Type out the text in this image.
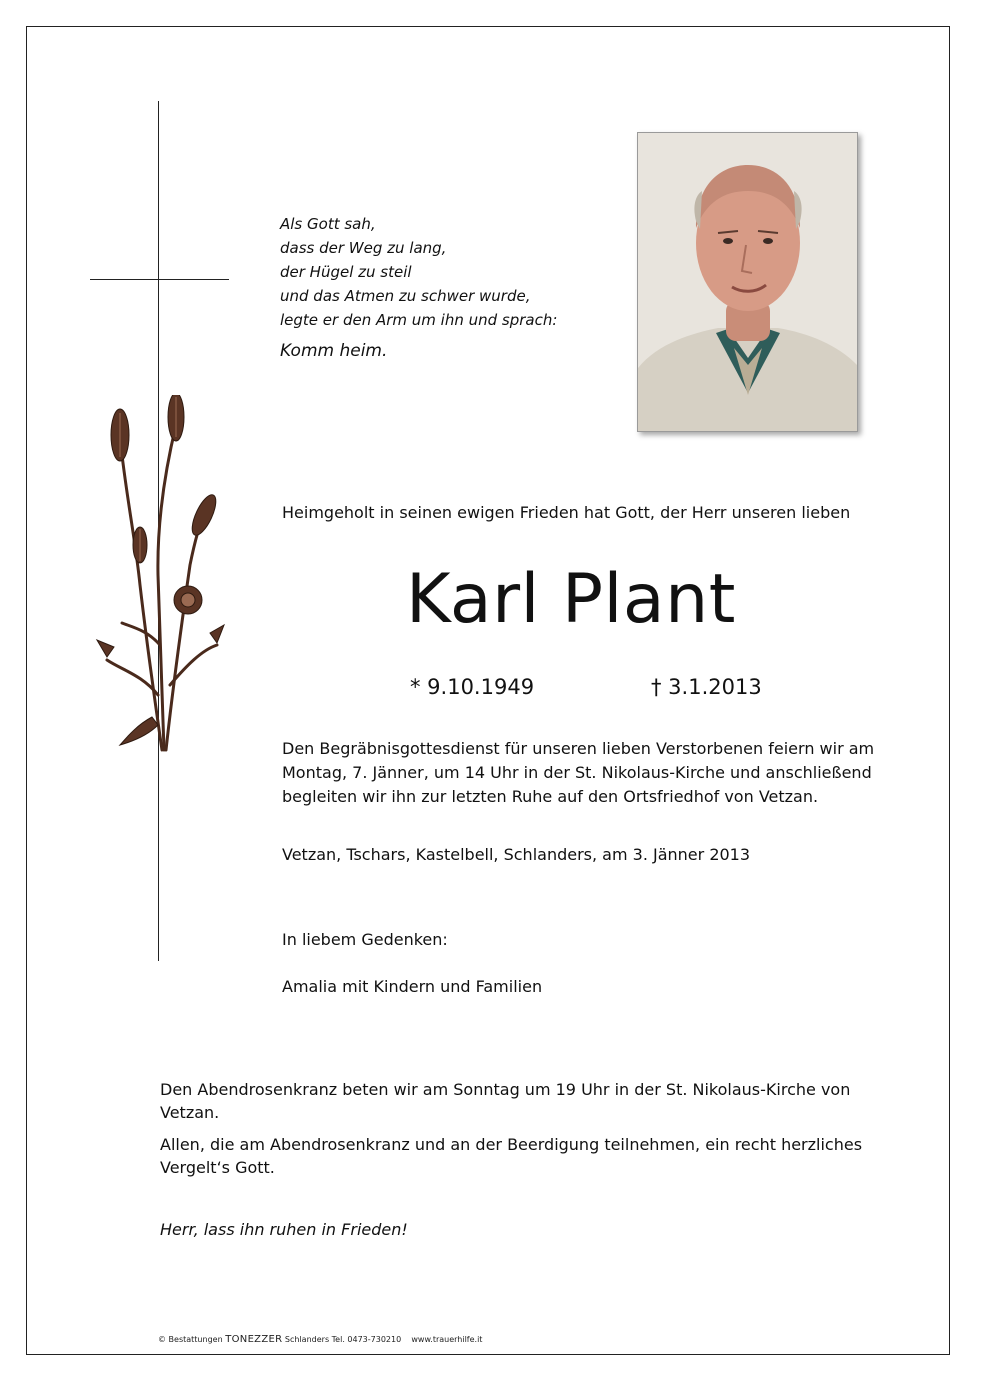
Als Gott sah,
dass der Weg zu lang,
der Hügel zu steil
und das Atmen zu schwer wurde,
legte er den Arm um ihn und sprach:
Komm heim.
Heimgeholt in seinen ewigen Frieden hat Gott, der Herr unseren lieben
Karl Plant
* 9.10.1949	† 3.1.2013
Den Begräbnisgottesdienst für unseren lieben Verstorbenen feiern wir am
Montag, 7. Jänner, um 14 Uhr in der St. Nikolaus-Kirche und anschließend
begleiten wir ihn zur letzten Ruhe auf den Ortsfriedhof von Vetzan.
Vetzan, Tschars, Kastelbell, Schlanders, am 3. Jänner 2013
In liebem Gedenken:
Amalia mit Kindern und Familien
Den Abendrosenkranz beten wir am Sonntag um 19 Uhr in der St. Nikolaus-Kirche von Vetzan.
Allen, die am Abendrosenkranz und an der Beerdigung teilnehmen, ein recht herzliches Vergelt‘s Gott.
Herr, lass ihn ruhen in Frieden!
© Bestattungen TONEZZER Schlanders Tel. 0473-730210 www.trauerhilfe.it
